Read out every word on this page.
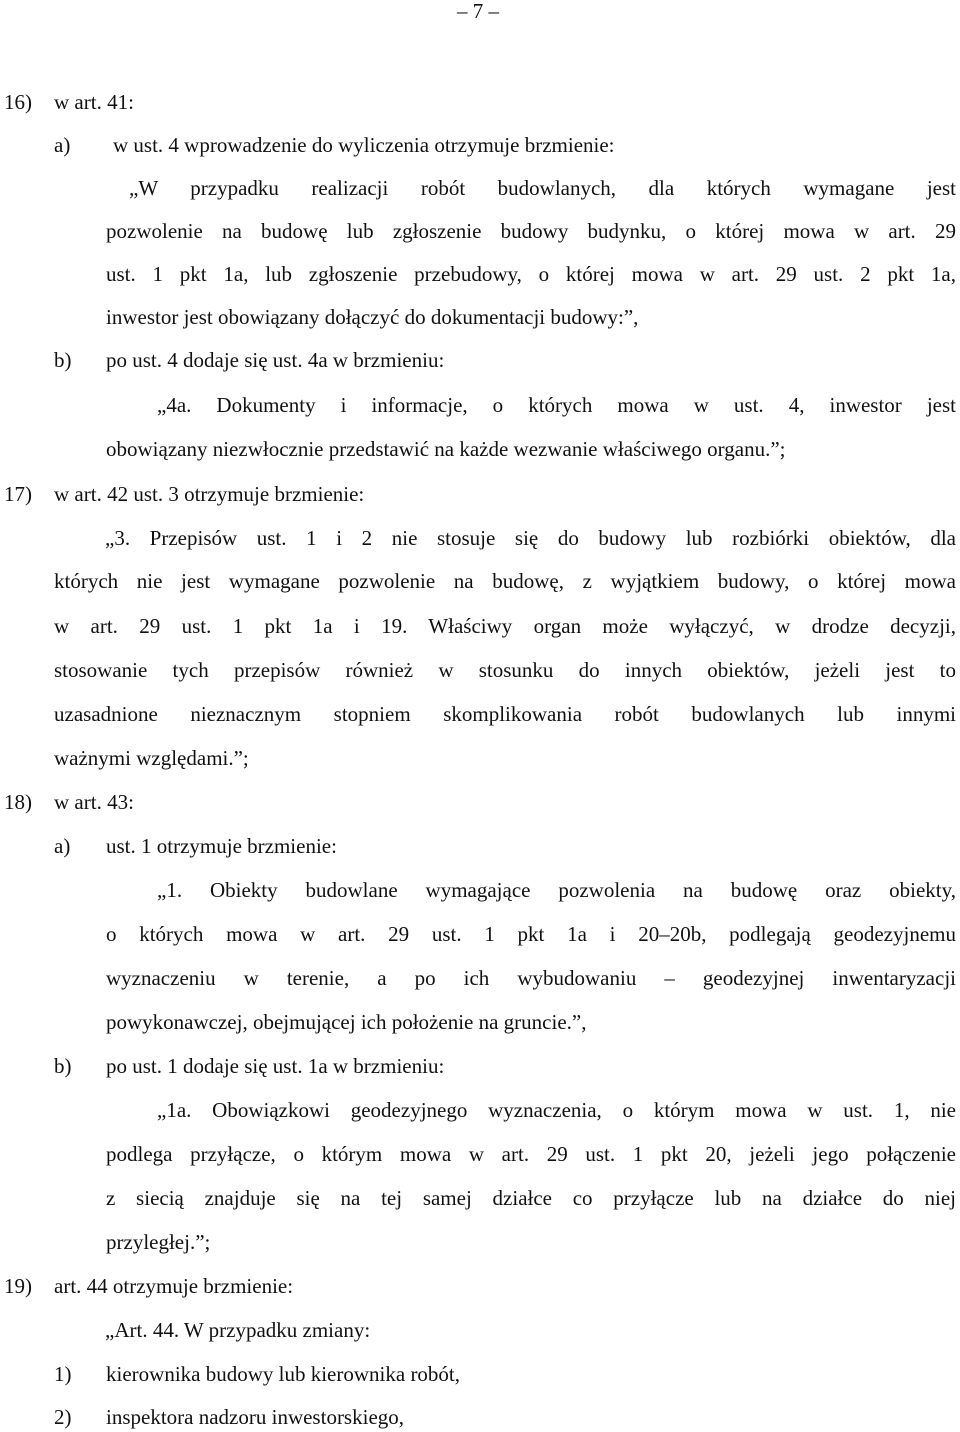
– 7 –
16) w art. 41:
a) w ust. 4 wprowadzenie do wyliczenia otrzymuje brzmienie:
„W przypadku realizacji robót budowlanych, dla których wymagane jest
pozwolenie na budowę lub zgłoszenie budowy budynku, o której mowa w art. 29
ust. 1 pkt 1a, lub zgłoszenie przebudowy, o której mowa w art. 29 ust. 2 pkt 1a,
inwestor jest obowiązany dołączyć do dokumentacji budowy:”,
b) po ust. 4 dodaje się ust. 4a w brzmieniu:
„4a. Dokumenty i informacje, o których mowa w ust. 4, inwestor jest
obowiązany niezwłocznie przedstawić na każde wezwanie właściwego organu.”;
17) w art. 42 ust. 3 otrzymuje brzmienie:
„3. Przepisów ust. 1 i 2 nie stosuje się do budowy lub rozbiórki obiektów, dla
których nie jest wymagane pozwolenie na budowę, z wyjątkiem budowy, o której mowa
w art. 29 ust. 1 pkt 1a i 19. Właściwy organ może wyłączyć, w drodze decyzji,
stosowanie tych przepisów również w stosunku do innych obiektów, jeżeli jest to
uzasadnione nieznacznym stopniem skomplikowania robót budowlanych lub innymi
ważnymi względami.”;
18) w art. 43:
a) ust. 1 otrzymuje brzmienie:
„1. Obiekty budowlane wymagające pozwolenia na budowę oraz obiekty,
o których mowa w art. 29 ust. 1 pkt 1a i 20–20b, podlegają geodezyjnemu
wyznaczeniu w terenie, a po ich wybudowaniu – geodezyjnej inwentaryzacji
powykonawczej, obejmującej ich położenie na gruncie.”,
b) po ust. 1 dodaje się ust. 1a w brzmieniu:
„1a. Obowiązkowi geodezyjnego wyznaczenia, o którym mowa w ust. 1, nie
podlega przyłącze, o którym mowa w art. 29 ust. 1 pkt 20, jeżeli jego połączenie
z siecią znajduje się na tej samej działce co przyłącze lub na działce do niej
przyległej.”;
19) art. 44 otrzymuje brzmienie:
„Art. 44. W przypadku zmiany:
1) kierownika budowy lub kierownika robót,
2) inspektora nadzoru inwestorskiego,
